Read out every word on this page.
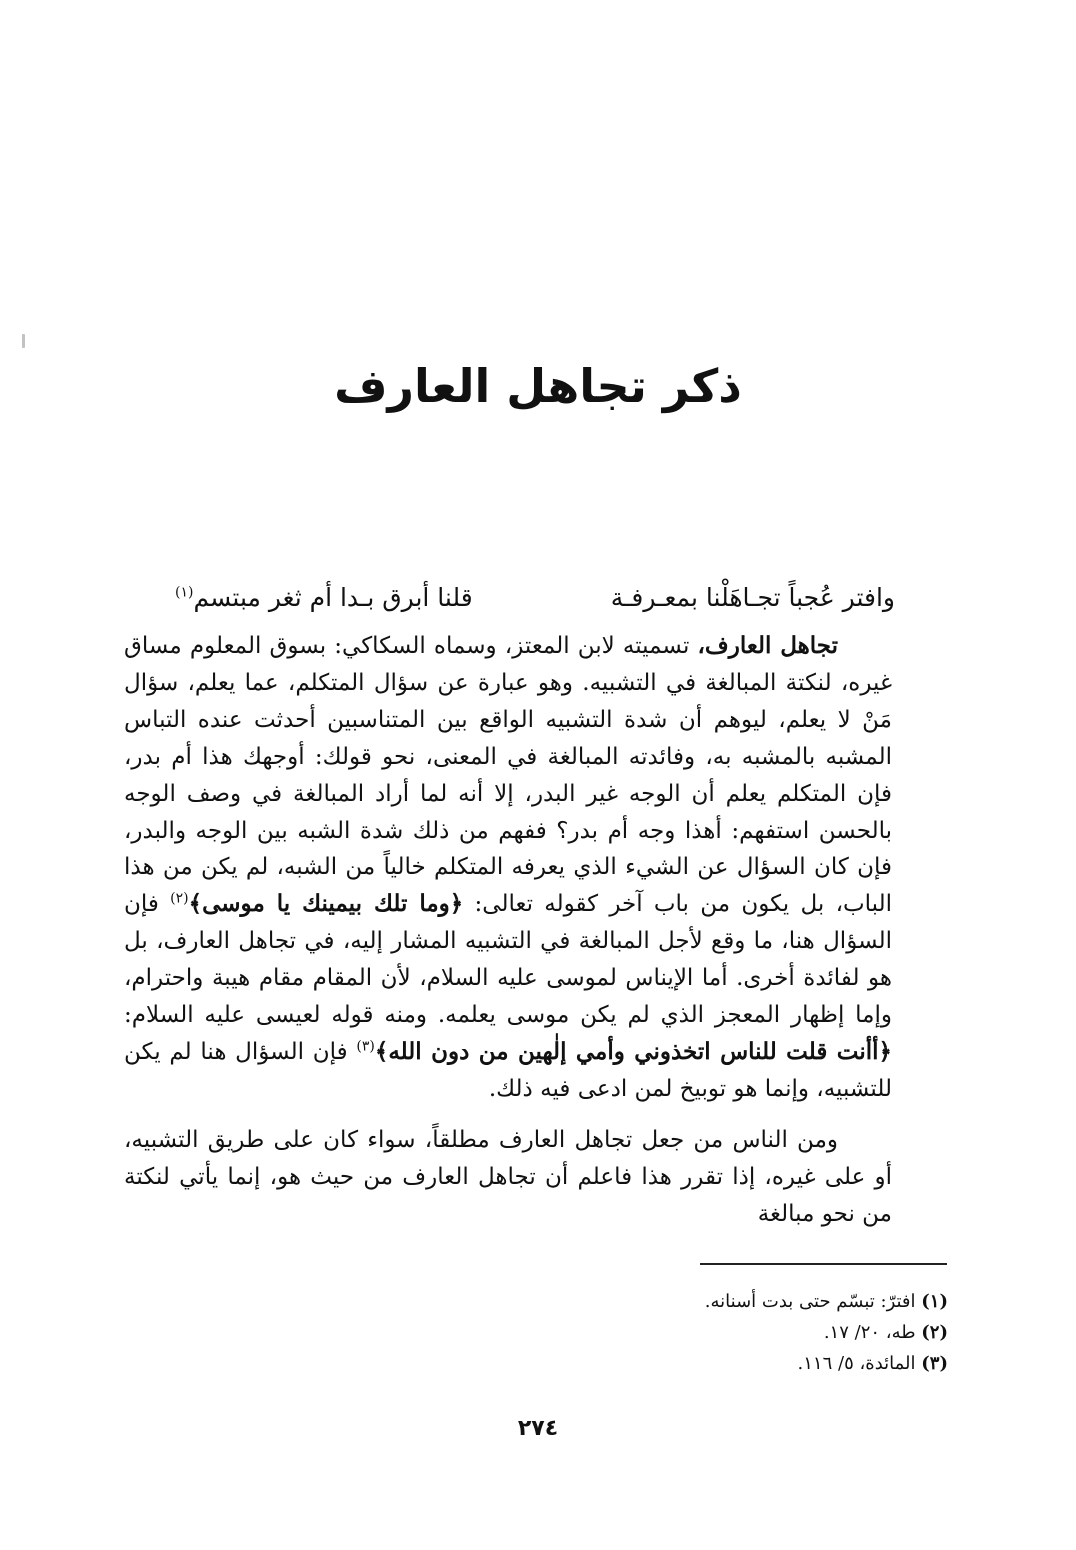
ذكر تجاهل العارف
وافتر عُجباً تجـاهَلْنا بمعـرفـة
قلنا أبرق بـدا أم ثغر مبتسم$^{(١)}$

تجاهل العارف، تسميته لابن المعتز، وسماه السكاكي: بسوق المعلوم مساق غيره، لنكتة المبالغة في التشبيه. وهو عبارة عن سؤال المتكلم، عما يعلم، سؤال مَنْ لا يعلم، ليوهم أن شدة التشبيه الواقع بين المتناسبين أحدثت عنده التباس المشبه بالمشبه به، وفائدته المبالغة في المعنى، نحو قولك: أوجهك هذا أم بدر، فإن المتكلم يعلم أن الوجه غير البدر، إلا أنه لما أراد المبالغة في وصف الوجه بالحسن استفهم: أهذا وجه أم بدر؟ ففهم من ذلك شدة الشبه بين الوجه والبدر، فإن كان السؤال عن الشيء الذي يعرفه المتكلم خالياً من الشبه، لم يكن من هذا الباب، بل يكون من باب آخر كقوله تعالى: ﴿وما تلك بيمينك يا موسى﴾$^{(٢)}$ فإن السؤال هنا، ما وقع لأجل المبالغة في التشبيه المشار إليه، في تجاهل العارف، بل هو لفائدة أخرى. أما الإيناس لموسى عليه السلام، لأن المقام مقام هيبة واحترام، وإما إظهار المعجز الذي لم يكن موسى يعلمه. ومنه قوله لعيسى عليه السلام: ﴿أأنت قلت للناس اتخذوني وأمي إلٰهين من دون الله﴾$^{(٣)}$ فإن السؤال هنا لم يكن للتشبيه، وإنما هو توبيخ لمن ادعى فيه ذلك.

ومن الناس من جعل تجاهل العارف مطلقاً، سواء كان على طريق التشبيه، أو على غيره، إذا تقرر هذا فاعلم أن تجاهل العارف من حيث هو، إنما يأتي لنكتة من نحو مبالغة

(١) افترّ: تبسّم حتى بدت أسنانه.

(٢) طه، ٢٠/ ١٧.

(٣) المائدة، ٥/ ١١٦.

٢٧٤
